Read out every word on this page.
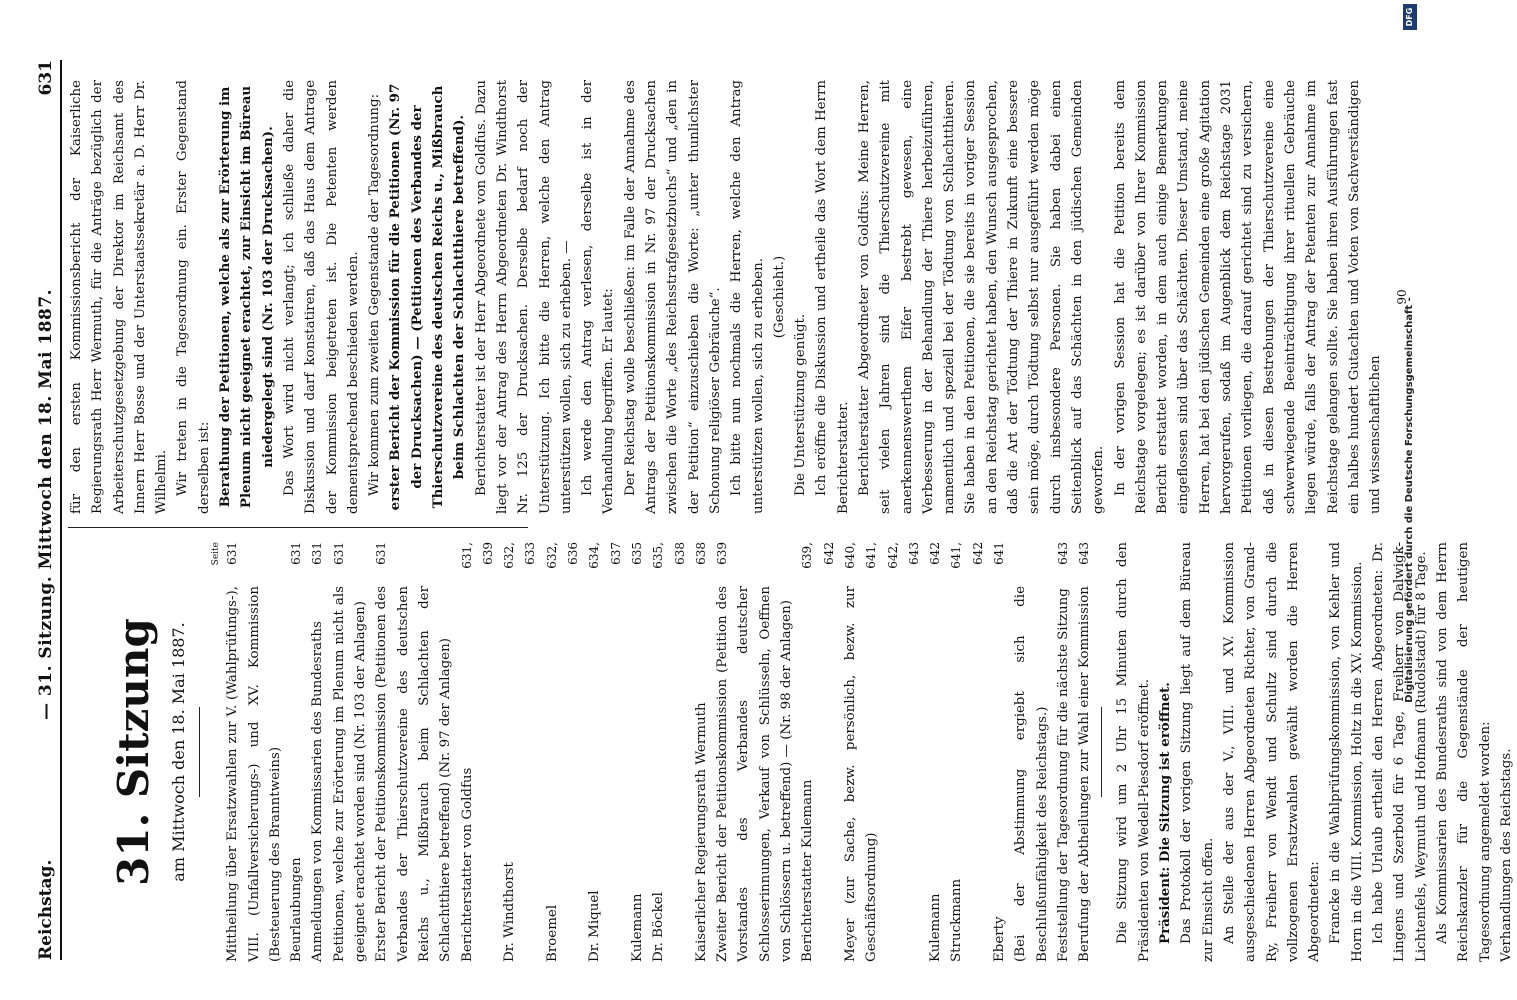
Reichstag.
— 31. Sitzung. Mittwoch den 18. Mai 1887.
631
31. Sitzung am Mittwoch den 18. Mai 1887.
Seite
Mittheilung über Ersatzwahlen zur V. (Wahlprüfungs-), VIII. (Unfallversicherungs-) und XV. Kommission (Besteuerung des Branntweins)
631
Beurlaubungen
631
Anmeldungen von Kommissarien des Bundesraths
631
Petitionen, welche zur Erörterung im Plenum nicht als geeignet erachtet worden sind (Nr. 103 der Anlagen)
631
Erster Bericht der Petitionskommission (Petitionen des Verbandes der Thierschutzvereine des deutschen Reichs u., Mißbrauch beim Schlachten der Schlachtthiere betreffend) (Nr. 97 der Anlagen)
631
Berichterstatter von Goldfus
631, 639
Dr. Windthorst
632, 633
Broemel
632, 636
Dr. Miquel
634, 637
Kulemann
635
Dr. Böckel
635, 638
Kaiserlicher Regierungsrath Wermuth
638
Zweiter Bericht der Petitionskommission (Petition des Vorstandes des Verbandes deutscher Schlosserinnungen, Verkauf von Schlüsseln, Oeffnen von Schlössern u. betreffend) — (Nr. 98 der Anlagen)
639
Berichterstatter Kulemann
639, 642
Meyer (zur Sache, bezw. persönlich, bezw. zur Geschäftsordnung)
640, 641, 642, 643
Kulemann
642
Struckmann
641, 642
Eberty
641
(Bei der Abstimmung ergiebt sich die Beschlußunfähigkeit des Reichstags.) Feststellung der Tagesordnung für die nächste Sitzung
643
Berufung der Abtheilungen zur Wahl einer Kommission
643	Die Sitzung wird um 2 Uhr 15 Minuten durch den Präsidenten von Wedell-Piesdorf eröffnet. Präsident: Die Sitzung ist eröffnet. Das Protokoll der vorigen Sitzung liegt auf dem Büreau zur Einsicht offen. An Stelle der aus der V., VIII. und XV. Kommission ausgeschiedenen Herren Abgeordneten Richter, von Grand-Ry, Freiherr von Wendt und Schultz sind durch die vollzogenen Ersatzwahlen gewählt worden die Herren Abgeordneten: Francke in die Wahlprüfungskommission, von Kehler und Horn in die VIII. Kommission, Holtz in die XV. Kommission. Ich habe Urlaub ertheilt den Herren Abgeordneten: Dr. Lingens und Szerbold für 6 Tage, Freiherr von Dalwigk-Lichtenfels, Weymuth und Hofmann (Rudolstadt) für 8 Tage. Als Kommissarien des Bundesraths sind von dem Herrn Reichskanzler für die Gegenstände der heutigen Tagesordnung angemeldet worden: Verhandlungen des Reichstags.

für den ersten Kommissionsbericht der Kaiserliche Regierungsrath Herr Wermuth, für die Anträge bezüglich der Arbeiterschutzgesetzgebung der Direktor im Reichsamt des Innern Herr Bosse und der Unterstaatssekretär a. D. Herr Dr. Wilhelmi. Wir treten in die Tagesordnung ein. Erster Gegenstand derselben ist: Berathung der Petitionen, welche als zur Erörterung im Plenum nicht geeignet erachtet, zur Einsicht im Büreau niedergelegt sind (Nr. 103 der Drucksachen). Das Wort wird nicht verlangt; ich schließe daher die Diskussion und darf konstatiren, daß das Haus dem Antrage der Kommission beigetreten ist. Die Petenten werden dementsprechend beschieden werden. Wir kommen zum zweiten Gegenstande der Tagesordnung: erster Bericht der Kommission für die Petitionen (Nr. 97 der Drucksachen) — (Petitionen des Verbandes der Thierschutzvereine des deutschen Reichs u., Mißbrauch beim Schlachten der Schlachtthiere betreffend). Berichterstatter ist der Herr Abgeordnete von Goldfus. Dazu liegt vor der Antrag des Herrn Abgeordneten Dr. Windthorst Nr. 125 der Drucksachen. Derselbe bedarf noch der Unterstützung. Ich bitte die Herren, welche den Antrag unterstützen wollen, sich zu erheben. — Ich werde den Antrag verlesen, derselbe ist in der Verhandlung begriffen. Er lautet: Der Reichstag wolle beschließen: im Falle der Annahme des Antrags der Petitionskommission in Nr. 97 der Drucksachen zwischen die Worte „des Reichsstrafgesetzbuchs“ und „den in der Petition“ einzuschieben die Worte: „unter thunlichster Schonung religiöser Gebräuche“. Ich bitte nun nochmals die Herren, welche den Antrag unterstützen wollen, sich zu erheben. (Geschieht.)

Die Unterstützung genügt. Ich eröffne die Diskussion und ertheile das Wort dem Herrn Berichterstatter. Berichterstatter Abgeordneter von Goldfus: Meine Herren, seit vielen Jahren sind die Thierschutzvereine mit anerkennenswerthem Eifer bestrebt gewesen, eine Verbesserung in der Behandlung der Thiere herbeizuführen, namentlich und speziell bei der Tödtung von Schlachtthieren. Sie haben in den Petitionen, die sie bereits in voriger Session an den Reichstag gerichtet haben, den Wunsch ausgesprochen, daß die Art der Tödtung der Thiere in Zukunft eine bessere sein möge, durch Tödtung selbst nur ausgeführt werden möge durch insbesondere Personen. Sie haben dabei einen Seitenblick auf das Schächten in den jüdischen Gemeinden geworfen. In der vorigen Session hat die Petition bereits dem Reichstage vorgelegen; es ist darüber von Ihrer Kommission Bericht erstattet worden, in dem auch einige Bemerkungen eingeflossen sind über das Schächten. Dieser Umstand, meine Herren, hat bei den jüdischen Gemeinden eine große Agitation hervorgerufen, sodaß im Augenblick dem Reichstage 2031 Petitionen vorliegen, die darauf gerichtet sind zu versichern, daß in diesen Bestrebungen der Thierschutzvereine eine schwerwiegende Beeinträchtigung ihrer rituellen Gebräuche liegen würde, falls der Antrag der Petenten zur Annahme im Reichstage gelangen sollte. Sie haben ihren Ausführungen fast ein halbes hundert Gutachten und Voten von Sachverständigen und wissenschaftlichen

90
Digitalisierung gefördert durch die Deutsche Forschungsgemeinschaft -
DFG
